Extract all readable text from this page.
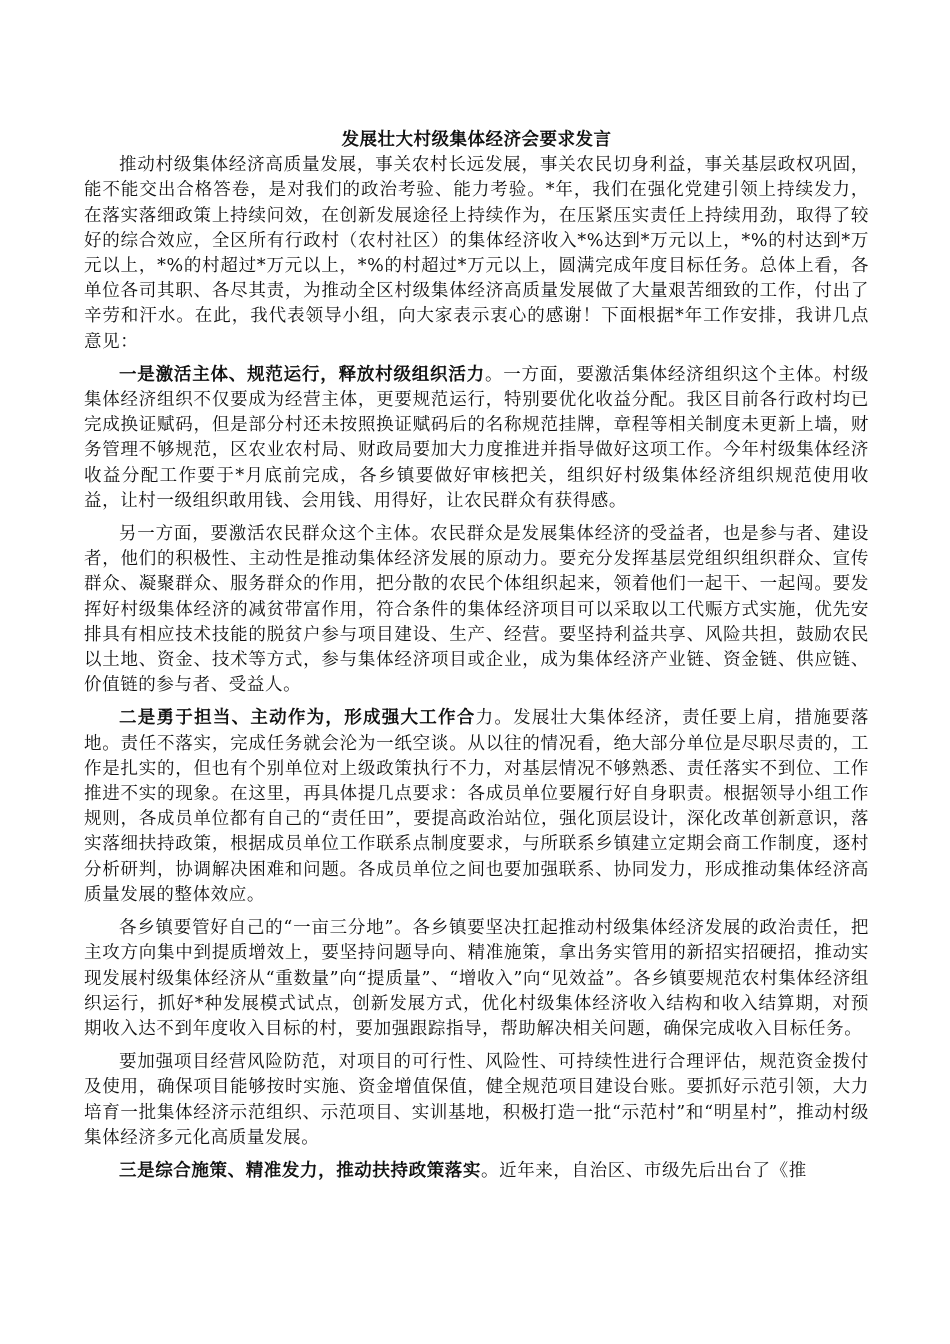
发展壮大村级集体经济会要求发言

推动村级集体经济高质量发展，事关农村长远发展，事关农民切身利益，事关基层政权巩固，能不能交出合格答卷，是对我们的政治考验、能力考验。*年，我们在强化党建引领上持续发力，在落实落细政策上持续问效，在创新发展途径上持续作为，在压紧压实责任上持续用劲，取得了较好的综合效应，全区所有行政村（农村社区）的集体经济收入*%达到*万元以上，*%的村达到*万元以上，*%的村超过*万元以上，*%的村超过*万元以上，圆满完成年度目标任务。总体上看，各单位各司其职、各尽其责，为推动全区村级集体经济高质量发展做了大量艰苦细致的工作，付出了辛劳和汗水。在此，我代表领导小组，向大家表示衷心的感谢！下面根据*年工作安排，我讲几点意见：

一是激活主体、规范运行，释放村级组织活力。一方面，要激活集体经济组织这个主体。村级集体经济组织不仅要成为经营主体，更要规范运行，特别要优化收益分配。我区目前各行政村均已完成换证赋码，但是部分村还未按照换证赋码后的名称规范挂牌，章程等相关制度未更新上墙，财务管理不够规范，区农业农村局、财政局要加大力度推进并指导做好这项工作。今年村级集体经济收益分配工作要于*月底前完成，各乡镇要做好审核把关，组织好村级集体经济组织规范使用收益，让村一级组织敢用钱、会用钱、用得好，让农民群众有获得感。

另一方面，要激活农民群众这个主体。农民群众是发展集体经济的受益者，也是参与者、建设者，他们的积极性、主动性是推动集体经济发展的原动力。要充分发挥基层党组织组织群众、宣传群众、凝聚群众、服务群众的作用，把分散的农民个体组织起来，领着他们一起干、一起闯。要发挥好村级集体经济的减贫带富作用，符合条件的集体经济项目可以采取以工代赈方式实施，优先安排具有相应技术技能的脱贫户参与项目建设、生产、经营。要坚持利益共享、风险共担，鼓励农民以土地、资金、技术等方式，参与集体经济项目或企业，成为集体经济产业链、资金链、供应链、价值链的参与者、受益人。

二是勇于担当、主动作为，形成强大工作合力。发展壮大集体经济，责任要上肩，措施要落地。责任不落实，完成任务就会沦为一纸空谈。从以往的情况看，绝大部分单位是尽职尽责的，工作是扎实的，但也有个别单位对上级政策执行不力，对基层情况不够熟悉、责任落实不到位、工作推进不实的现象。在这里，再具体提几点要求：各成员单位要履行好自身职责。根据领导小组工作规则，各成员单位都有自己的“责任田”，要提高政治站位，强化顶层设计，深化改革创新意识，落实落细扶持政策，根据成员单位工作联系点制度要求，与所联系乡镇建立定期会商工作制度，逐村分析研判，协调解决困难和问题。各成员单位之间也要加强联系、协同发力，形成推动集体经济高质量发展的整体效应。

各乡镇要管好自己的“一亩三分地”。各乡镇要坚决扛起推动村级集体经济发展的政治责任，把主攻方向集中到提质增效上，要坚持问题导向、精准施策，拿出务实管用的新招实招硬招，推动实现发展村级集体经济从“重数量”向“提质量”、“增收入”向“见效益”。各乡镇要规范农村集体经济组织运行，抓好*种发展模式试点，创新发展方式，优化村级集体经济收入结构和收入结算期，对预期收入达不到年度收入目标的村，要加强跟踪指导，帮助解决相关问题，确保完成收入目标任务。

要加强项目经营风险防范，对项目的可行性、风险性、可持续性进行合理评估，规范资金拨付及使用，确保项目能够按时实施、资金增值保值，健全规范项目建设台账。要抓好示范引领，大力培育一批集体经济示范组织、示范项目、实训基地，积极打造一批“示范村”和“明星村”，推动村级集体经济多元化高质量发展。

三是综合施策、精准发力，推动扶持政策落实。近年来，自治区、市级先后出台了《推
